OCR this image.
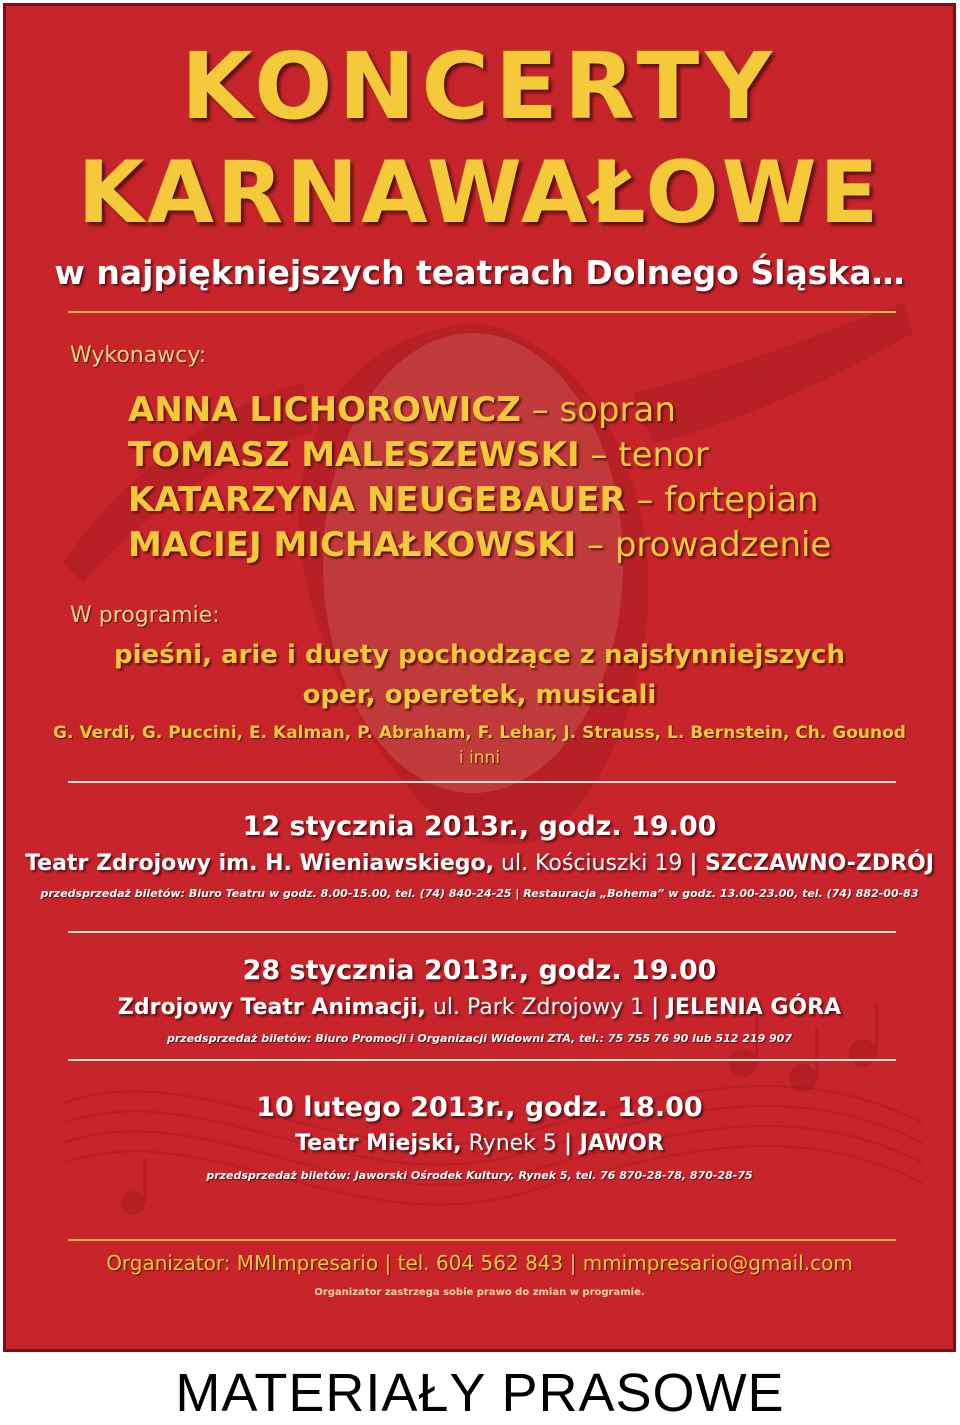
KONCERTY
KARNAWAŁOWE
w najpiękniejszych teatrach Dolnego Śląska…
Wykonawcy:
ANNA LICHOROWICZ – sopran
TOMASZ MALESZEWSKI – tenor
KATARZYNA NEUGEBAUER – fortepian
MACIEJ MICHAŁKOWSKI – prowadzenie
W programie:
pieśni, arie i duety pochodzące z najsłynniejszych
oper, operetek, musicali
G. Verdi, G. Puccini, E. Kalman, P. Abraham, F. Lehar, J. Strauss, L. Bernstein, Ch. Gounod
i inni
12 stycznia 2013r., godz. 19.00
Teatr Zdrojowy im. H. Wieniawskiego, ul. Kościuszki 19 | SZCZAWNO-ZDRÓJ
przedsprzedaż biletów: Biuro Teatru w godz. 8.00-15.00, tel. (74) 840-24-25 | Restauracja „Bohema” w godz. 13.00-23.00, tel. (74) 882-00-83
28 stycznia 2013r., godz. 19.00
Zdrojowy Teatr Animacji, ul. Park Zdrojowy 1 | JELENIA GÓRA
przedsprzedaż biletów: Biuro Promocji i Organizacji Widowni ZTA, tel.: 75 755 76 90 lub 512 219 907
10 lutego 2013r., godz. 18.00
Teatr Miejski, Rynek 5 | JAWOR
przedsprzedaż biletów: Jaworski Ośrodek Kultury, Rynek 5, tel. 76 870-28-78, 870-28-75
Organizator: MMImpresario | tel. 604 562 843 | mmimpresario@gmail.com
Organizator zastrzega sobie prawo do zmian w programie.
MATERIAŁY PRASOWE
